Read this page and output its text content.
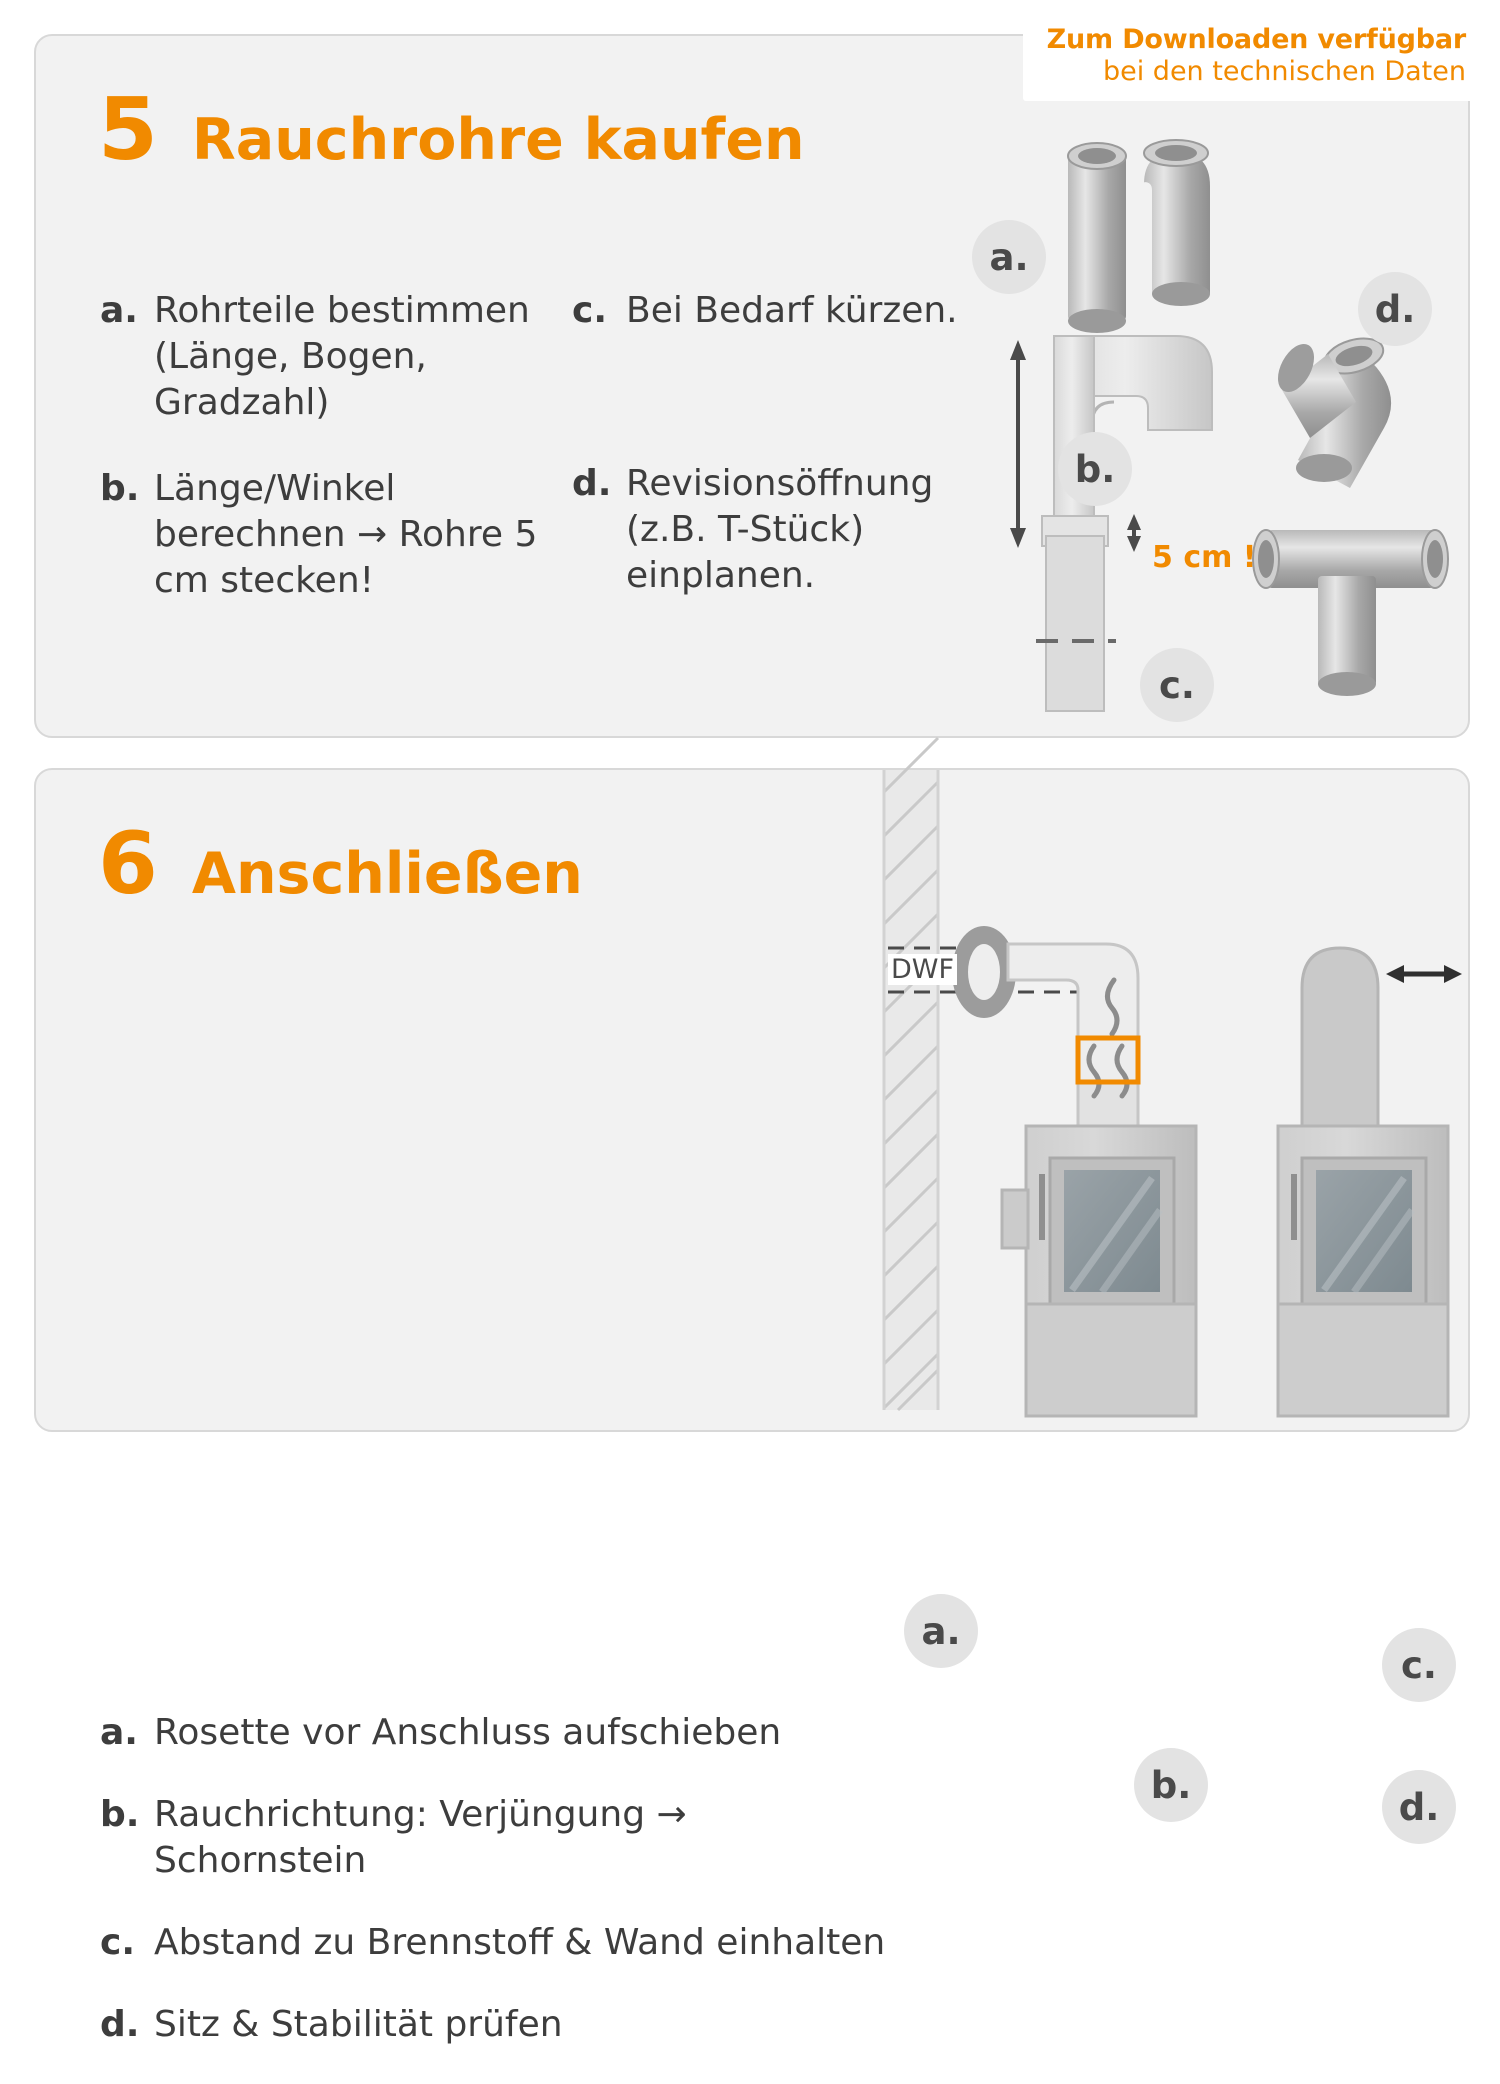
5 Rauchrohre kaufen
a. Rohrteile bestimmen (Länge, Bogen, Gradzahl)
b. Länge/Winkel berechnen → Rohre 5 cm stecken!
c. Bei Bedarf kürzen.
d. Revisionsöffnung (z.B. T-Stück) einplanen.	5 cm !
a.
b.
c.
d.
6 Anschließen
a. Rosette vor Anschluss aufschieben
b. Rauchrichtung: Verjüngung → Schornstein
c. Abstand zu Brennstoff & Wand einhalten
d. Sitz & Stabilität prüfen
DWF
a.
b.
c.
d.
Zum Downloaden verfügbar
bei den technischen Daten
